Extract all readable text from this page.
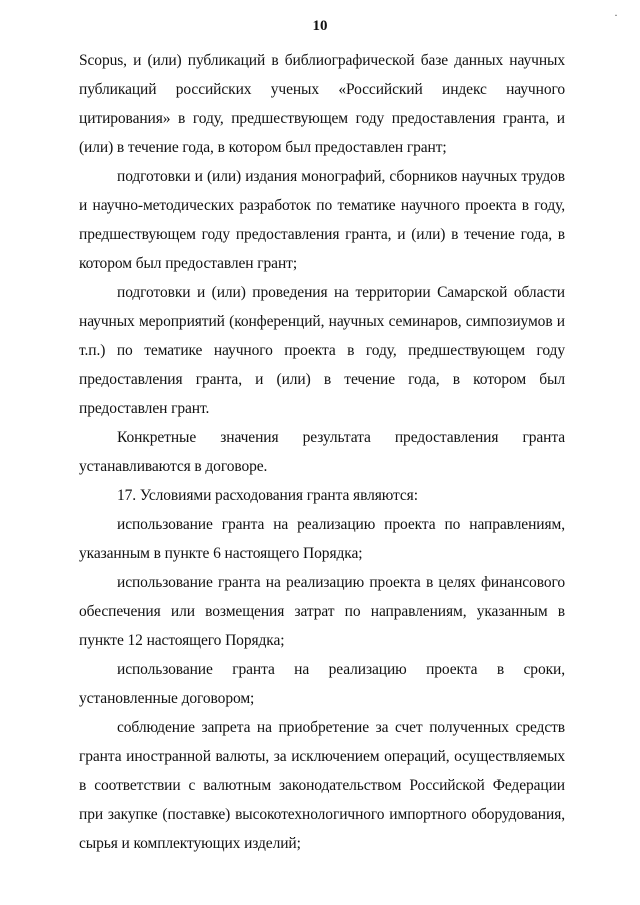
10
·

Scopus, и (или) публикаций в библиографической базе данных научных публикаций российских ученых «Российский индекс научного цитирования» в году, предшествующем году предоставления гранта, и (или) в течение года, в котором был предоставлен грант;

подготовки и (или) издания монографий, сборников научных трудов и научно-методических разработок по тематике научного проекта в году, предшествующем году предоставления гранта, и (или) в течение года, в котором был предоставлен грант;

подготовки и (или) проведения на территории Самарской области научных мероприятий (конференций, научных семинаров, симпозиумов и т.п.) по тематике научного проекта в году, предшествующем году предоставления гранта, и (или) в течение года, в котором был предоставлен грант.

Конкретные значения результата предоставления гранта устанавливаются в договоре.

17. Условиями расходования гранта являются:

использование гранта на реализацию проекта по направлениям, указанным в пункте 6 настоящего Порядка;

использование гранта на реализацию проекта в целях финансового обеспечения или возмещения затрат по направлениям, указанным в пункте 12 настоящего Порядка;

использование гранта на реализацию проекта в сроки, установленные договором;

соблюдение запрета на приобретение за счет полученных средств гранта иностранной валюты, за исключением операций, осуществляемых в соответствии с валютным законодательством Российской Федерации при закупке (поставке) высокотехнологичного импортного оборудования, сырья и комплектующих изделий;
